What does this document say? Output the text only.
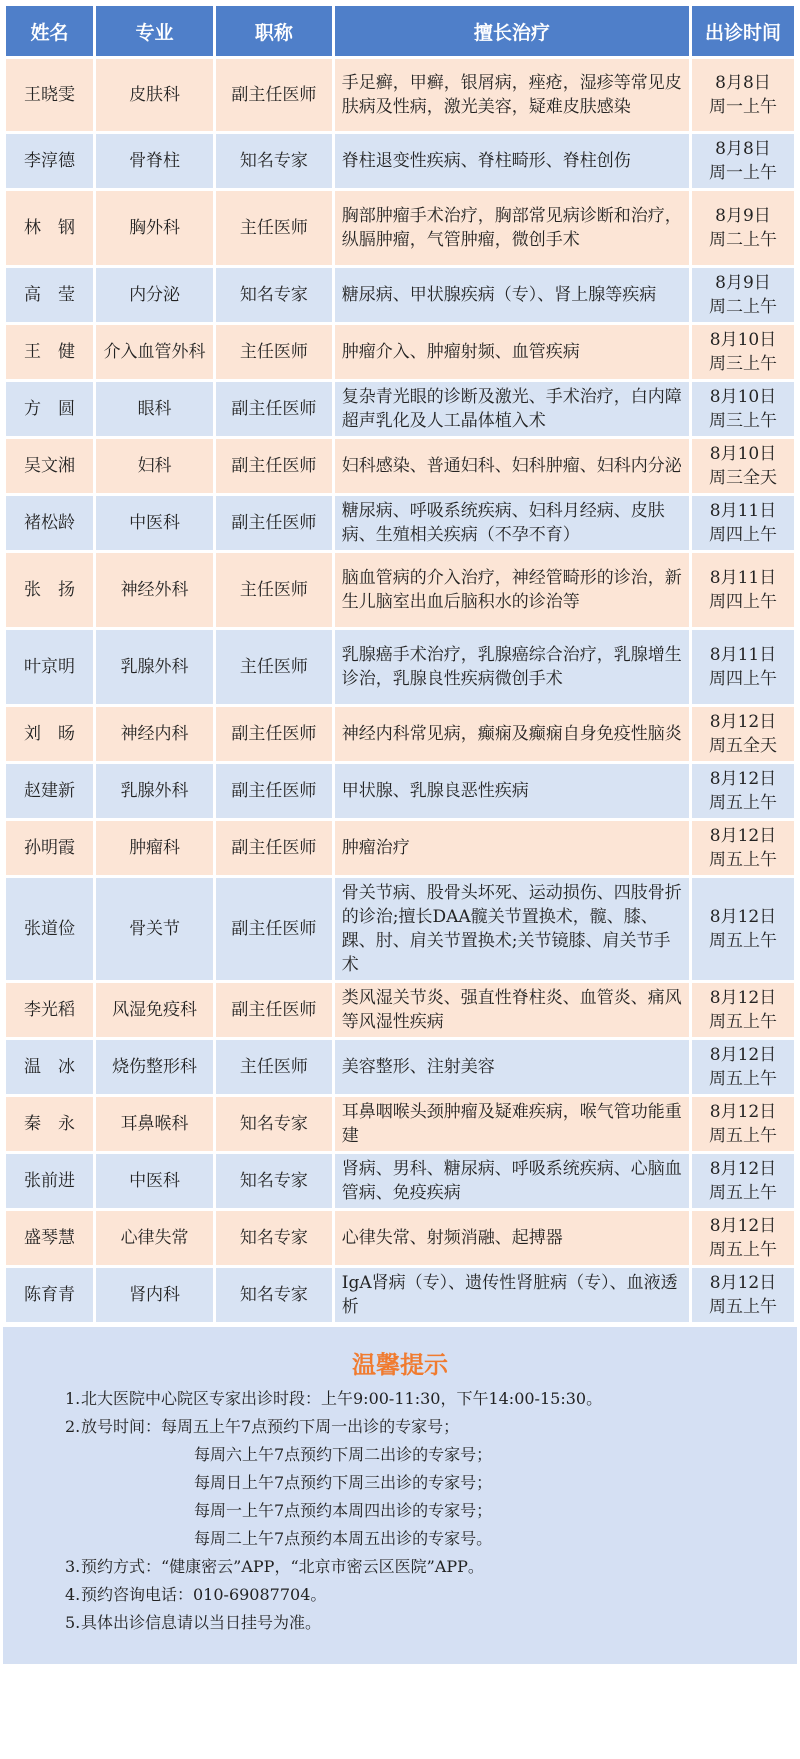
姓名	专业	职称	擅长治疗	出诊时间
王晓雯	皮肤科	副主任医师	手足癣，甲癣，银屑病，痤疮，湿疹等常见皮肤病及性病，激光美容，疑难皮肤感染	8月8日
周一上午

李淳德	骨脊柱	知名专家	脊柱退变性疾病、脊柱畸形、脊柱创伤	8月8日
周一上午

林　钢	胸外科	主任医师	胸部肿瘤手术治疗，胸部常见病诊断和治疗，纵膈肿瘤，气管肿瘤，微创手术	8月9日
周二上午

高　莹	内分泌	知名专家	糖尿病、甲状腺疾病（专）、肾上腺等疾病	8月9日
周二上午

王　健	介入血管外科	主任医师	肿瘤介入、肿瘤射频、血管疾病	8月10日
周三上午

方　圆	眼科	副主任医师	复杂青光眼的诊断及激光、手术治疗，白内障超声乳化及人工晶体植入术	8月10日
周三上午

吴文湘	妇科	副主任医师	妇科感染、普通妇科、妇科肿瘤、妇科内分泌	8月10日
周三全天

褚松龄	中医科	副主任医师	糖尿病、呼吸系统疾病、妇科月经病、皮肤病、生殖相关疾病（不孕不育）	8月11日
周四上午

张　扬	神经外科	主任医师	脑血管病的介入治疗，神经管畸形的诊治，新生儿脑室出血后脑积水的诊治等	8月11日
周四上午

叶京明	乳腺外科	主任医师	乳腺癌手术治疗，乳腺癌综合治疗，乳腺增生诊治，乳腺良性疾病微创手术	8月11日
周四上午

刘　旸	神经内科	副主任医师	神经内科常见病，癫痫及癫痫自身免疫性脑炎	8月12日
周五全天

赵建新	乳腺外科	副主任医师	甲状腺、乳腺良恶性疾病	8月12日
周五上午

孙明霞	肿瘤科	副主任医师	肿瘤治疗	8月12日
周五上午

张道俭	骨关节	副主任医师	骨关节病、股骨头坏死、运动损伤、四肢骨折的诊治;擅长DAA髋关节置换术，髋、膝、踝、肘、肩关节置换术;关节镜膝、肩关节手术	8月12日
周五上午

李光稻	风湿免疫科	副主任医师	类风湿关节炎、强直性脊柱炎、血管炎、痛风等风湿性疾病	8月12日
周五上午

温　冰	烧伤整形科	主任医师	美容整形、注射美容	8月12日
周五上午

秦　永	耳鼻喉科	知名专家	耳鼻咽喉头颈肿瘤及疑难疾病，喉气管功能重建	8月12日
周五上午

张前进	中医科	知名专家	肾病、男科、糖尿病、呼吸系统疾病、心脑血管病、免疫疾病	8月12日
周五上午

盛琴慧	心律失常	知名专家	心律失常、射频消融、起搏器	8月12日
周五上午

陈育青	肾内科	知名专家	IgA肾病（专）、遗传性肾脏病（专）、血液透析	8月12日
周五上午
温馨提示
1. 北大医院中心院区专家出诊时段：上午9:00-11:30，下午14:00-15:30。
2. 放号时间：每周五上午7点预约下周一出诊的专家号；
每周六上午7点预约下周二出诊的专家号；
每周日上午7点预约下周三出诊的专家号；
每周一上午7点预约本周四出诊的专家号；
每周二上午7点预约本周五出诊的专家号。
3. 预约方式：“健康密云”APP，“北京市密云区医院”APP。
4. 预约咨询电话：010-69087704。
5. 具体出诊信息请以当日挂号为准。
